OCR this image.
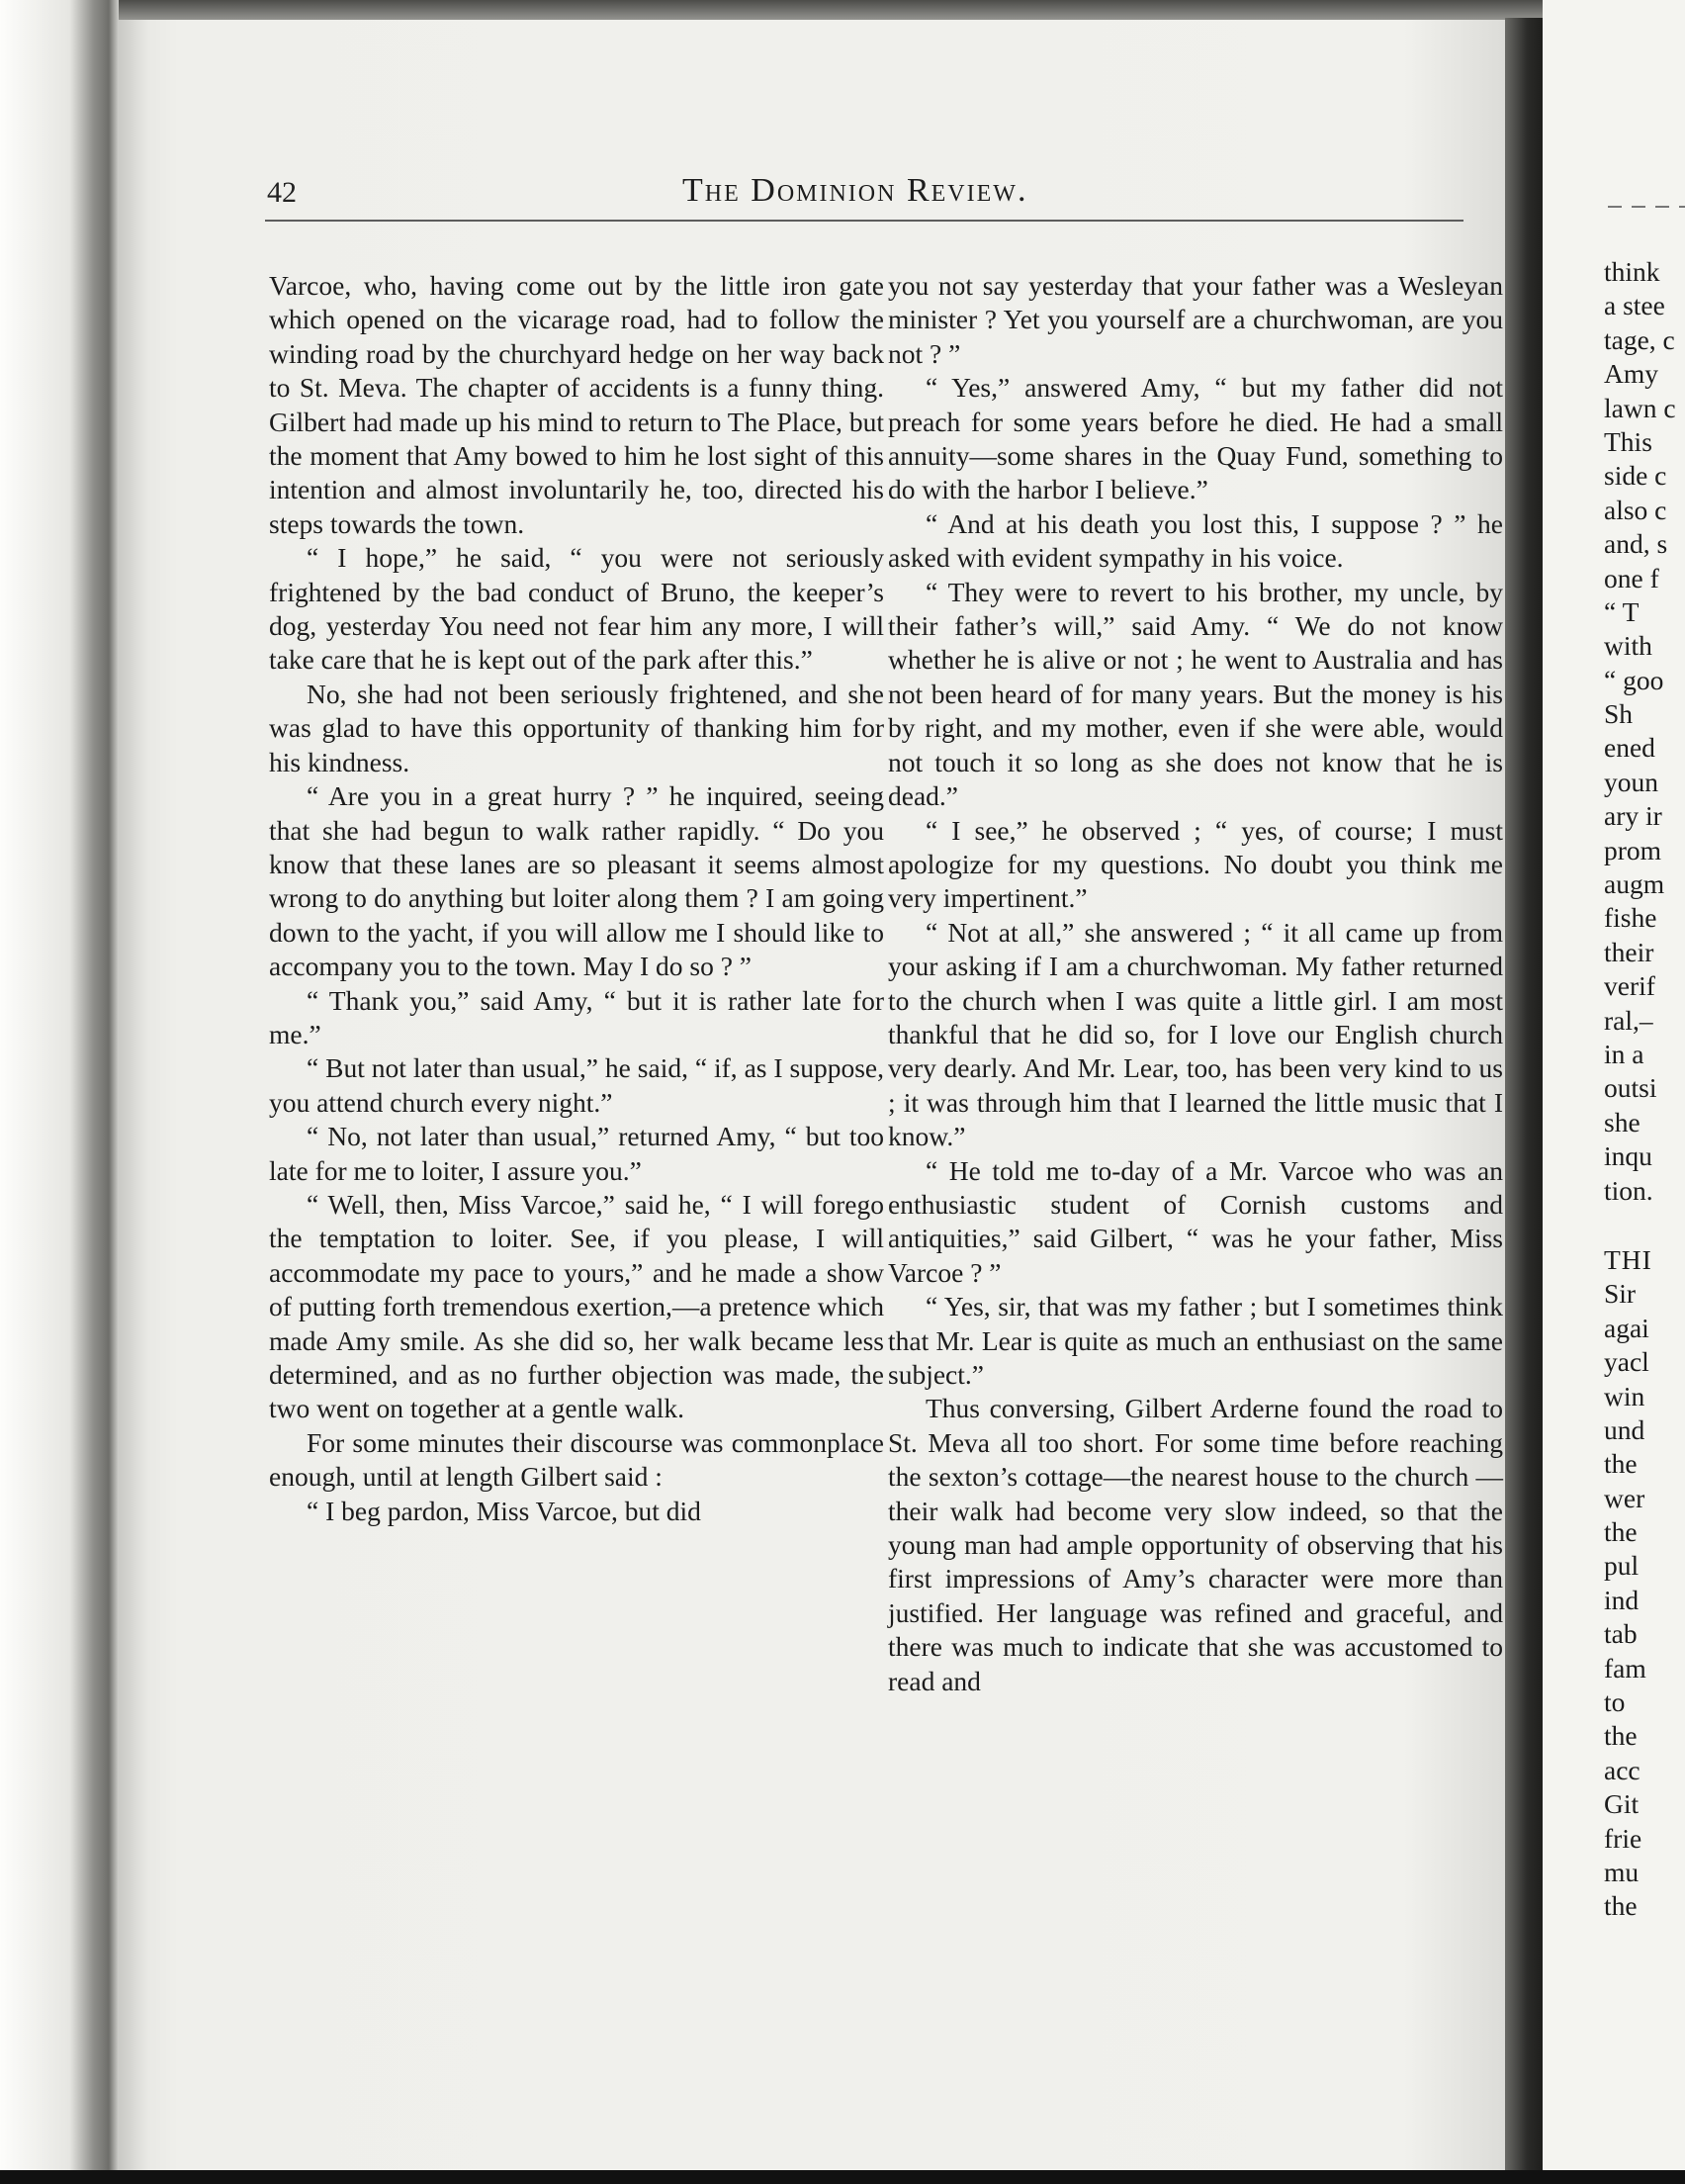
42	The Dominion Review.

Varcoe, who, having come out by the little iron gate which opened on the vicarage road, had to follow the winding road by the churchyard hedge on her way back to St. Meva. The chapter of accidents is a funny thing. Gilbert had made up his mind to return to The Place, but the moment that Amy bowed to him he lost sight of this intention and almost involuntarily he, too, directed his steps towards the town.

“ I hope,” he said, “ you were not seriously frightened by the bad conduct of Bruno, the keeper’s dog, yesterday You need not fear him any more, I will take care that he is kept out of the park after this.”

No, she had not been seriously frightened, and she was glad to have this opportunity of thanking him for his kindness.

“ Are you in a great hurry ? ” he inquired, seeing that she had begun to walk rather rapidly. “ Do you know that these lanes are so pleasant it seems almost wrong to do anything but loiter along them ? I am going down to the yacht, if you will allow me I should like to accompany you to the town. May I do so ? ”

“ Thank you,” said Amy, “ but it is rather late for me.”

“ But not later than usual,” he said, “ if, as I suppose, you attend church every night.”

“ No, not later than usual,” returned Amy, “ but too late for me to loiter, I assure you.”

“ Well, then, Miss Varcoe,” said he, “ I will forego the temptation to loiter. See, if you please, I will accommodate my pace to yours,” and he made a show of putting forth tremendous exertion,—a pretence which made Amy smile. As she did so, her walk became less determined, and as no further objection was made, the two went on together at a gentle walk.

For some minutes their discourse was commonplace enough, until at length Gilbert said :

“ I beg pardon, Miss Varcoe, but did

you not say yesterday that your father was a Wesleyan minister ? Yet you yourself are a churchwoman, are you not ? ”

“ Yes,” answered Amy, “ but my father did not preach for some years before he died. He had a small annuity—some shares in the Quay Fund, something to do with the harbor I believe.”

“ And at his death you lost this, I suppose ? ” he asked with evident sympathy in his voice.

“ They were to revert to his brother, my uncle, by their father’s will,” said Amy. “ We do not know whether he is alive or not ; he went to Australia and has not been heard of for many years. But the money is his by right, and my mother, even if she were able, would not touch it so long as she does not know that he is dead.”

“ I see,” he observed ; “ yes, of course; I must apologize for my questions. No doubt you think me very impertinent.”

“ Not at all,” she answered ; “ it all came up from your asking if I am a churchwoman. My father returned to the church when I was quite a little girl. I am most thankful that he did so, for I love our English church very dearly. And Mr. Lear, too, has been very kind to us ; it was through him that I learned the little music that I know.”

“ He told me to-day of a Mr. Varcoe who was an enthusiastic student of Cornish customs and antiquities,” said Gilbert, “ was he your father, Miss Varcoe ? ”

“ Yes, sir, that was my father ; but I sometimes think that Mr. Lear is quite as much an enthusiast on the same subject.”

Thus conversing, Gilbert Arderne found the road to St. Meva all too short. For some time before reaching the sexton’s cottage—the nearest house to the church —their walk had become very slow indeed, so that the young man had ample opportunity of observing that his first impressions of Amy’s character were more than justified. Her language was refined and graceful, and there was much to indicate that she was accustomed to read and

think
a stee
tage, c
Amy
lawn c
This
side c
also c
and, s
one f
“ T
with
“ goo
Sh
ened
youn
ary ir
prom
augm
fishe
their
verif
ral,–
in a
outsi
she
inqu
tion.
THI
Sir
agai
yacl
win
und
the
wer
the
pul
ind
tab
fam
to
the
acc
Git
frie
mu
the
